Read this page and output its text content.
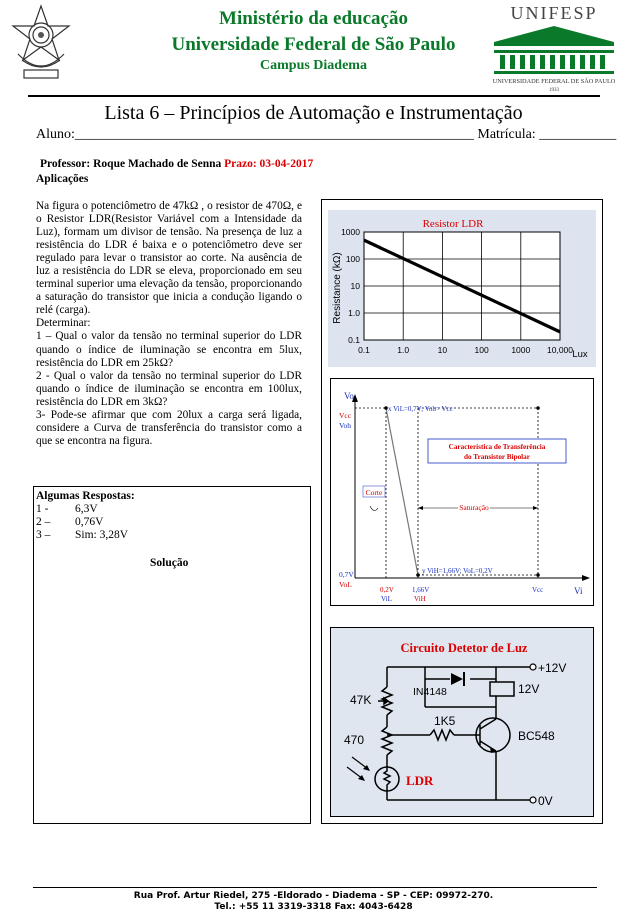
Ministério da educação
Universidade Federal de São Paulo
Campus Diadema
UNIFESP
UNIVERSIDADE FEDERAL DE SÃO PAULO
1933
Lista 6 – Princípios de Automação e Instrumentação
Aluno:_________________________________________________________ Matrícula: ___________
Professor: Roque Machado de Senna Prazo: 03-04-2017
Aplicações

Na figura o potenciômetro de 47kΩ , o resistor de 470Ω, e o Resistor LDR(Resistor Variável com a Intensidade da Luz), formam um divisor de tensão. Na presença de luz a resistência do LDR é baixa e o potenciômetro deve ser regulado para levar o transistor ao corte. Na ausência de luz a resistência do LDR se eleva, proporcionado em seu terminal superior uma elevação da tensão, proporcionando a saturação do transistor que inicia a condução ligando o relé (carga).

Determinar:

1 – Qual o valor da tensão no terminal superior do LDR quando o índice de iluminação se encontra em 5lux, resistência do LDR em 25kΩ?

2 - Qual o valor da tensão no terminal superior do LDR quando o índice de iluminação se encontra em 100lux, resistência do LDR em 3kΩ?

3- Pode-se afirmar que com 20lux a carga será ligada, considere a Curva de transferência do transistor como a que se encontra na figura.

Algumas Respostas:
1 - 6,3V
2 – 0,76V
3 – Sim: 3,28V
Solução
Resistor LDR
1000
100
10
1.0
0.1
0.1	1.0	10	100	1000 10,000
Resistance (kΩ)
Lux
Vo
Vi
x ViL=0,7V; Voh= Vcc
y ViH=1,66V; VoL=0,2V
Vcc
Voh
0,7V
VoL
0,2V
ViL
1,66V
ViH
Vcc
Característica de Transferência
do Transistor Bipolar
Corte
Saturação
Circuito Detetor de Luz
+12V
12V
IN4148
47K
1K5
BC548
470
LDR
0V
Rua Prof. Artur Riedel, 275 -Eldorado - Diadema - SP - CEP: 09972-270.
Tel.: +55 11 3319-3318 Fax: 4043-6428
